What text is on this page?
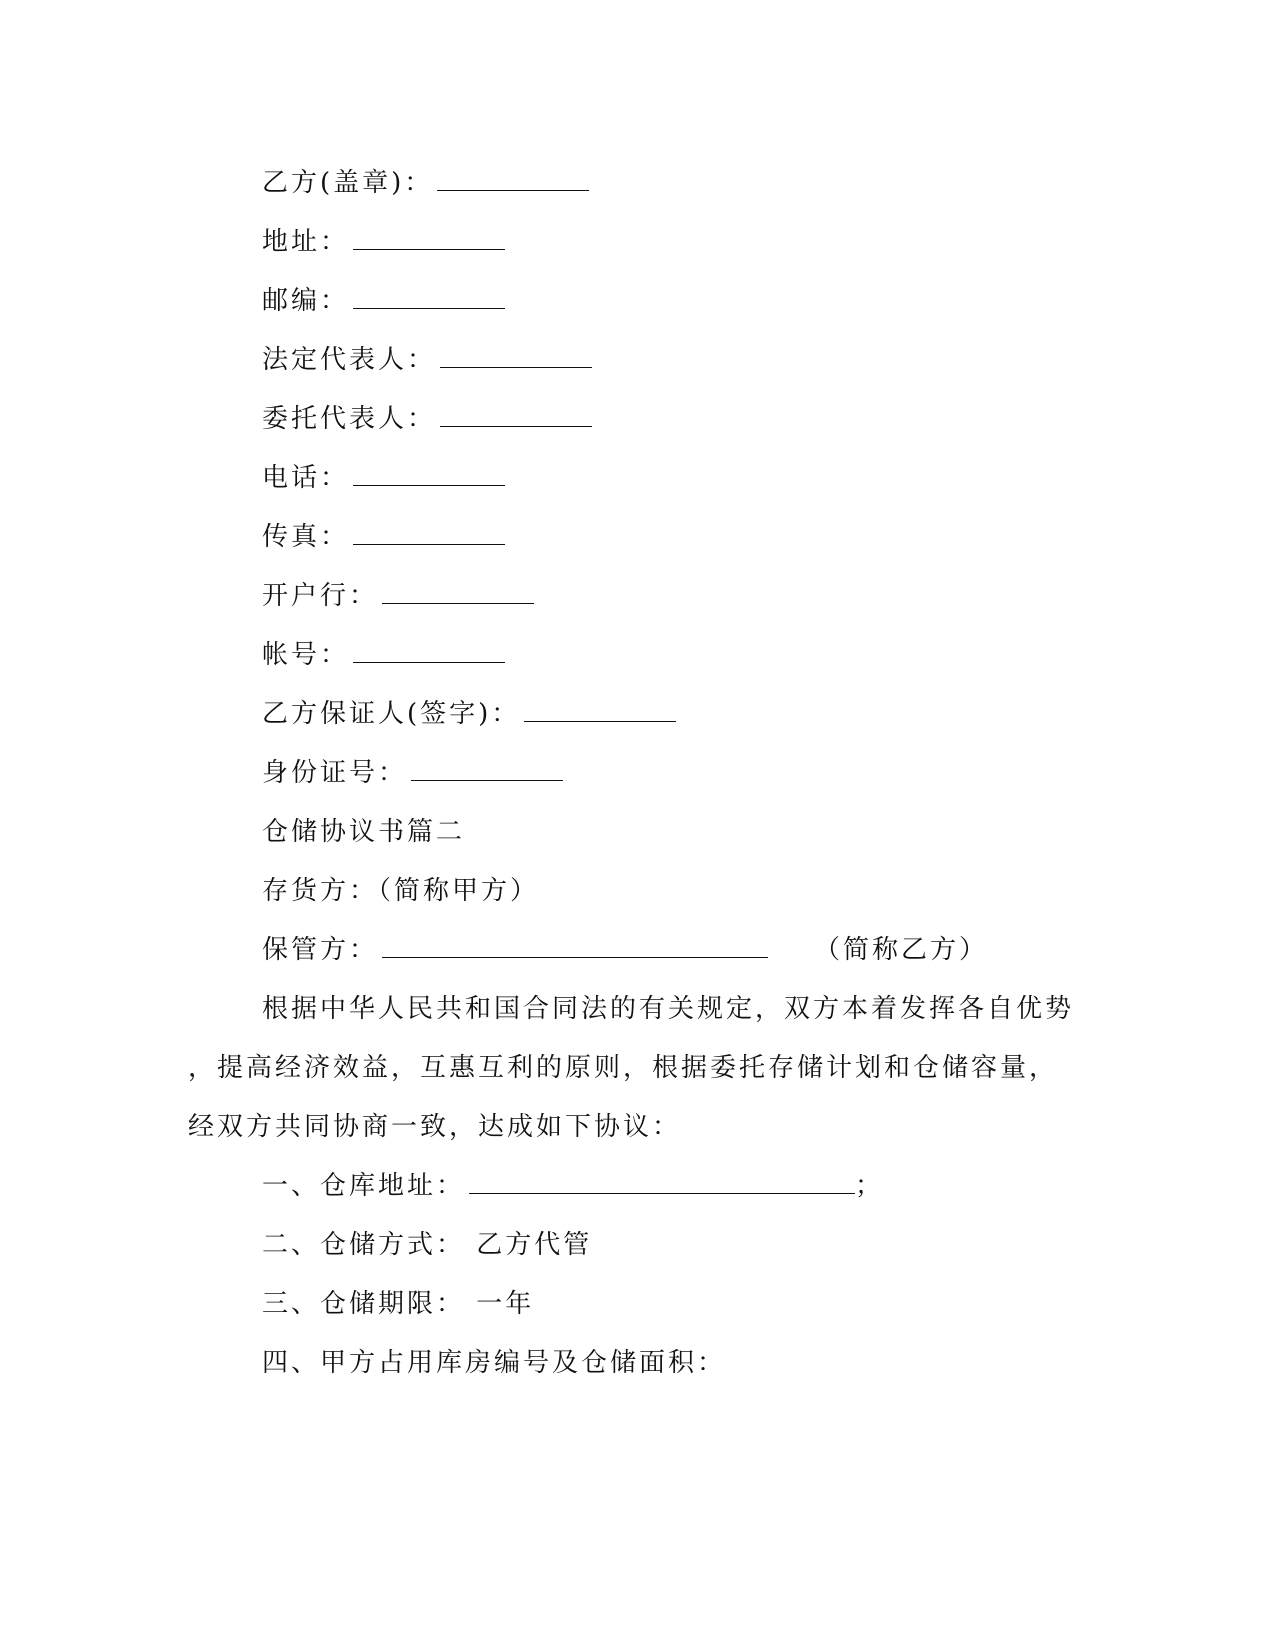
乙方(盖章)：
地址：
邮编：
法定代表人：
委托代表人：
电话：
传真：
开户行：
帐号：
乙方保证人(签字)：
身份证号：
仓储协议书篇二
存货方：（简称甲方）
保管方：	（简称乙方）
根据中华人民共和国合同法的有关规定，双方本着发挥各自优势
，提高经济效益，互惠互利的原则，根据委托存储计划和仓储容量，
经双方共同协商一致，达成如下协议：
一、仓库地址：	；
二、仓储方式： 乙方代管
三、仓储期限： 一年
四、甲方占用库房编号及仓储面积：
